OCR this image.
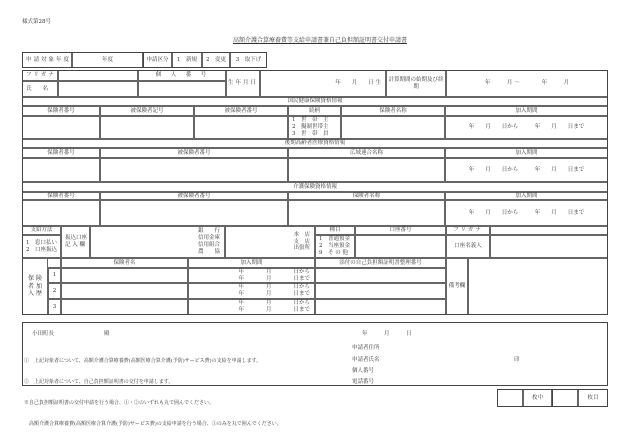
様式第28号
高額介護合算療養費等支給申請書兼自己負担額証明書交付申請書
申請対象年度	年度	申請区分	1　新規	2　変更	3　取下げ
フリガナ	個　人　番　号
氏　　名
生年月日	年　　月　　日 生
計算期間の始期及び終期
年　　　月 ～　　　　年　　　月
国民健康保険資格情報
保険者番号	被保険者記号	被保険者番号	続柄	保険者名称	加入期間
1　世　帯　主
2　擬制世帯主
3　世　帯　員
年　　月　　日から　　　年　　月　　日まで
後期高齢者医療資格情報
保険者番号	被保険者番号	広域連合名称	加入期間
年　　月　　日から　　　年　　月　　日まで
介護保険資格情報
保険者番号	被保険者番号	保険者名称	加入期間
年　　月　　日から　　　年　　月　　日まで
支給方法
1　窓口払い
2　口座振込
振込口座
記 入 欄
銀　　行
信用金庫
信用組合
農　　協
本　店
支　店
出張所
種目
1　普通預金
2　当座預金
9　そ の 他
口座番号	フリガナ
口座名義人
保 険 者 加 入 歴
保険者名	加入期間	添付の自己負担額証明書整理番号
1
年　　　　月　　　　日から
年　　　　月　　　　日まで
2
年　　　　月　　　　日から
年　　　　月　　　　日まで
3
年　　　　月　　　　日から
年　　　　月　　　　日まで
備考欄
小田町長	殿	年　　　月　　　日

①　上記対象者について、高額介護合算療養費(高額医療合算介護(予防)サービス費)の支給を申請します。

②　上記対象者について、自己負担額証明書の交付を申請します。

※自己負担額証明書の交付申請を行う場合、①・②のいずれも丸で囲んでください。

　高額介護合算療養費(高額医療合算介護(予防)サービス費)の支給申請を行う場合、①のみを丸で囲んでください。

申請者住所
申請者氏名	印
個人番号
電話番号
枚中	枚目
